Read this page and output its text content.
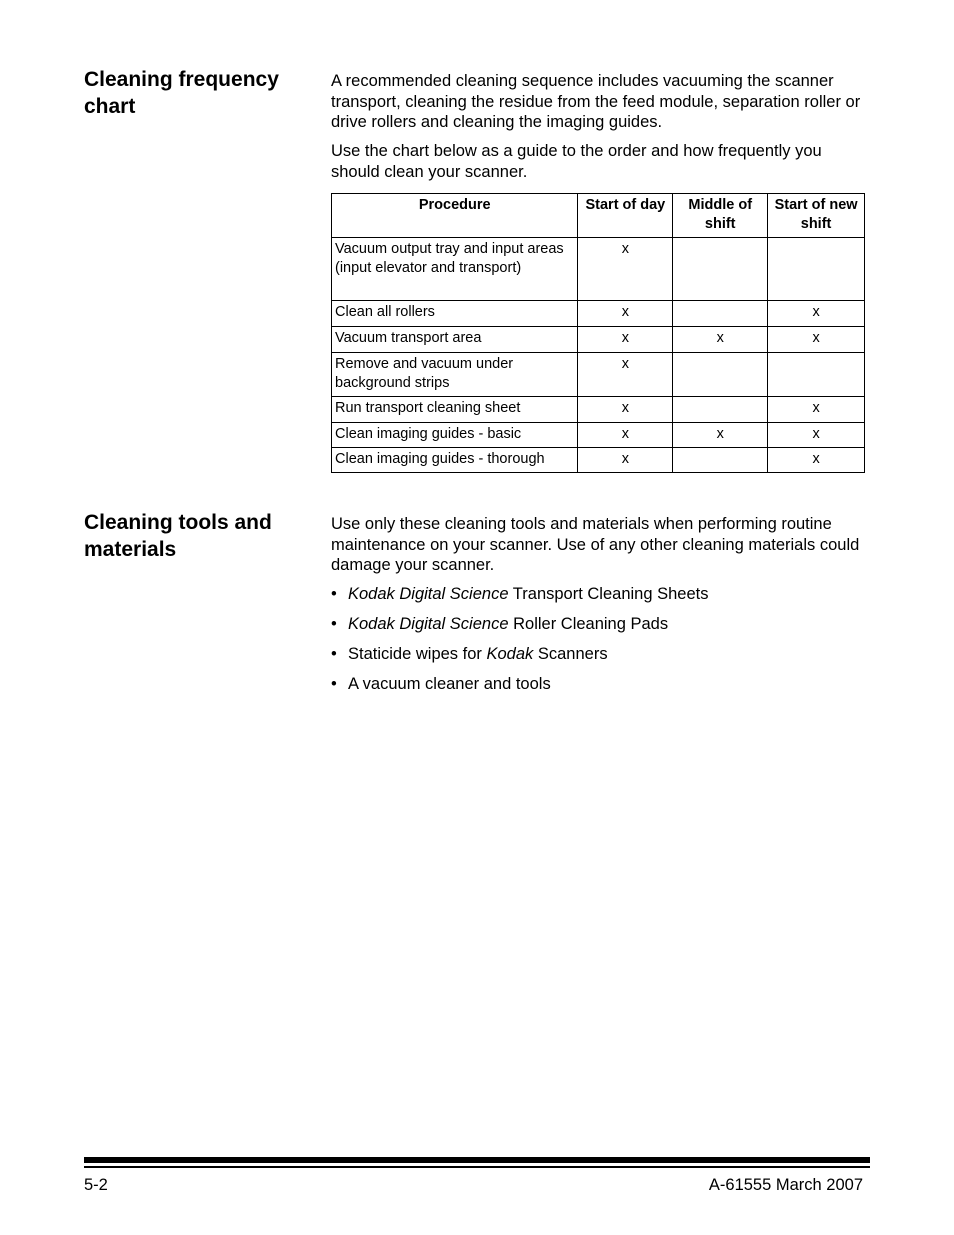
Cleaning frequency chart

A recommended cleaning sequence includes vacuuming the scanner transport, cleaning the residue from the feed module, separation roller or drive rollers and cleaning the imaging guides.

Use the chart below as a guide to the order and how frequently you should clean your scanner.

Procedure	Start of day	Middle of shift	Start of new shift
Vacuum output tray and input areas (input elevator and transport)	x		
Clean all rollers	x		x
Vacuum transport area	x	x	x
Remove and vacuum under background strips	x		
Run transport cleaning sheet	x		x
Clean imaging guides - basic	x	x	x
Clean imaging guides - thorough	x		x
Cleaning tools and materials

Use only these cleaning tools and materials when performing routine maintenance on your scanner. Use of any other cleaning materials could damage your scanner.

• Kodak Digital Science Transport Cleaning Sheets
• Kodak Digital Science Roller Cleaning Pads
• Staticide wipes for Kodak Scanners
• A vacuum cleaner and tools
5-2	A-61555 March 2007
